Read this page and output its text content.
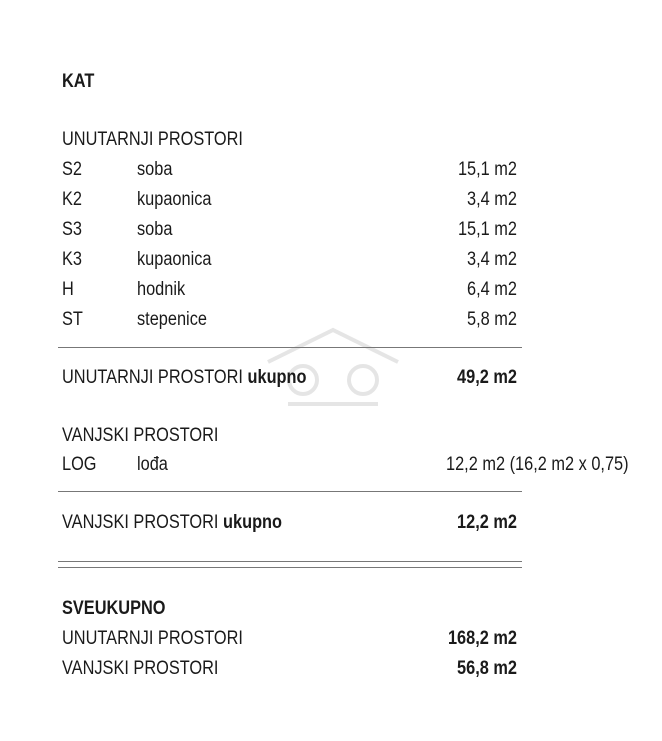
KAT
UNUTARNJI PROSTORI
S2	soba	15,1 m2
K2	kupaonica	3,4 m2
S3	soba	15,1 m2
K3	kupaonica	3,4 m2
H	hodnik	6,4 m2
ST	stepenice	5,8 m2
UNUTARNJI PROSTORI ukupno	49,2 m2
VANJSKI PROSTORI
LOG lođa	12,2 m2 (16,2 m2 x 0,75)
VANJSKI PROSTORI ukupno	12,2 m2
SVEUKUPNO
UNUTARNJI PROSTORI	168,2 m2
VANJSKI PROSTORI	56,8 m2
